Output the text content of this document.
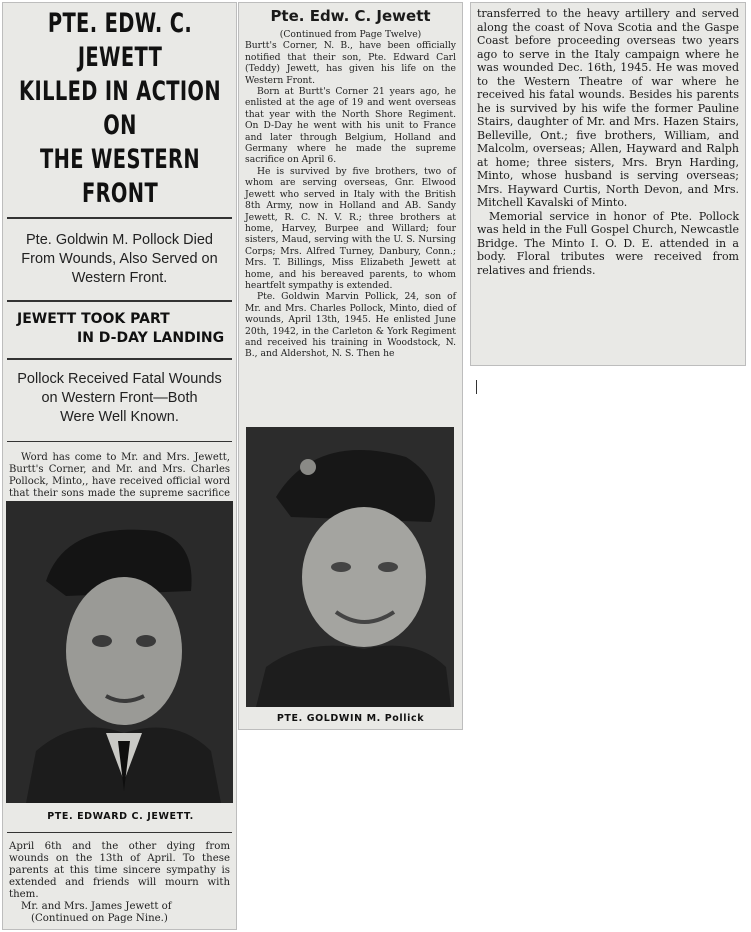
PTE. EDW. C. JEWETT
KILLED IN ACTION ON
THE WESTERN FRONT
Pte. Goldwin M. Pollock Died
From Wounds, Also Served on
Western Front.
JEWETT TOOK PART
IN D-DAY LANDING
Pollock Received Fatal Wounds
on Western Front—Both
Were Well Known.

Word has come to Mr. and Mrs. Jewett, Burtt's Corner, and Mr. and Mrs. Charles Pollock, Minto,, have received official word that their sons made the supreme sacrifice

PTE. EDWARD C. JEWETT.

April 6th and the other dying from wounds on the 13th of April. To these parents at this time sincere sympathy is extended and friends will mourn with them.

Mr. and Mrs. James Jewett of

(Continued on Page Nine.)

Pte. Edw. C. Jewett

(Continued from Page Twelve)

Burtt's Corner, N. B., have been officially notified that their son, Pte. Edward Carl (Teddy) Jewett, has given his life on the Western Front.

Born at Burtt's Corner 21 years ago, he enlisted at the age of 19 and went overseas that year with the North Shore Regiment. On D-Day he went with his unit to France and later through Belgium, Holland and Germany where he made the supreme sacrifice on April 6.

He is survived by five brothers, two of whom are serving overseas, Gnr. Elwood Jewett who served in Italy with the British 8th Army, now in Holland and AB. Sandy Jewett, R. C. N. V. R.; three brothers at home, Harvey, Burpee and Willard; four sisters, Maud, serving with the U. S. Nursing Corps; Mrs. Alfred Turney, Danbury, Conn.; Mrs. T. Billings, Miss Elizabeth Jewett at home, and his bereaved parents, to whom heartfelt sympathy is extended.

Pte. Goldwin Marvin Pollick, 24, son of Mr. and Mrs. Charles Pollock, Minto, died of wounds, April 13th, 1945. He enlisted June 20th, 1942, in the Carleton & York Regiment and received his training in Woodstock, N. B., and Aldershot, N. S. Then he

PTE. GOLDWIN M. Pollick

transferred to the heavy artillery and served along the coast of Nova Scotia and the Gaspe Coast before proceeding overseas two years ago to serve in the Italy campaign where he was wounded Dec. 16th, 1945. He was moved to the Western Theatre of war where he received his fatal wounds. Besides his parents he is survived by his wife the former Pauline Stairs, daughter of Mr. and Mrs. Hazen Stairs, Belleville, Ont.; five brothers, William, and Malcolm, overseas; Allen, Hayward and Ralph at home; three sisters, Mrs. Bryn Harding, Minto, whose husband is serving overseas; Mrs. Hayward Curtis, North Devon, and Mrs. Mitchell Kavalski of Minto.

Memorial service in honor of Pte. Pollock was held in the Full Gospel Church, Newcastle Bridge. The Minto I. O. D. E. attended in a body. Floral tributes were received from relatives and friends.
